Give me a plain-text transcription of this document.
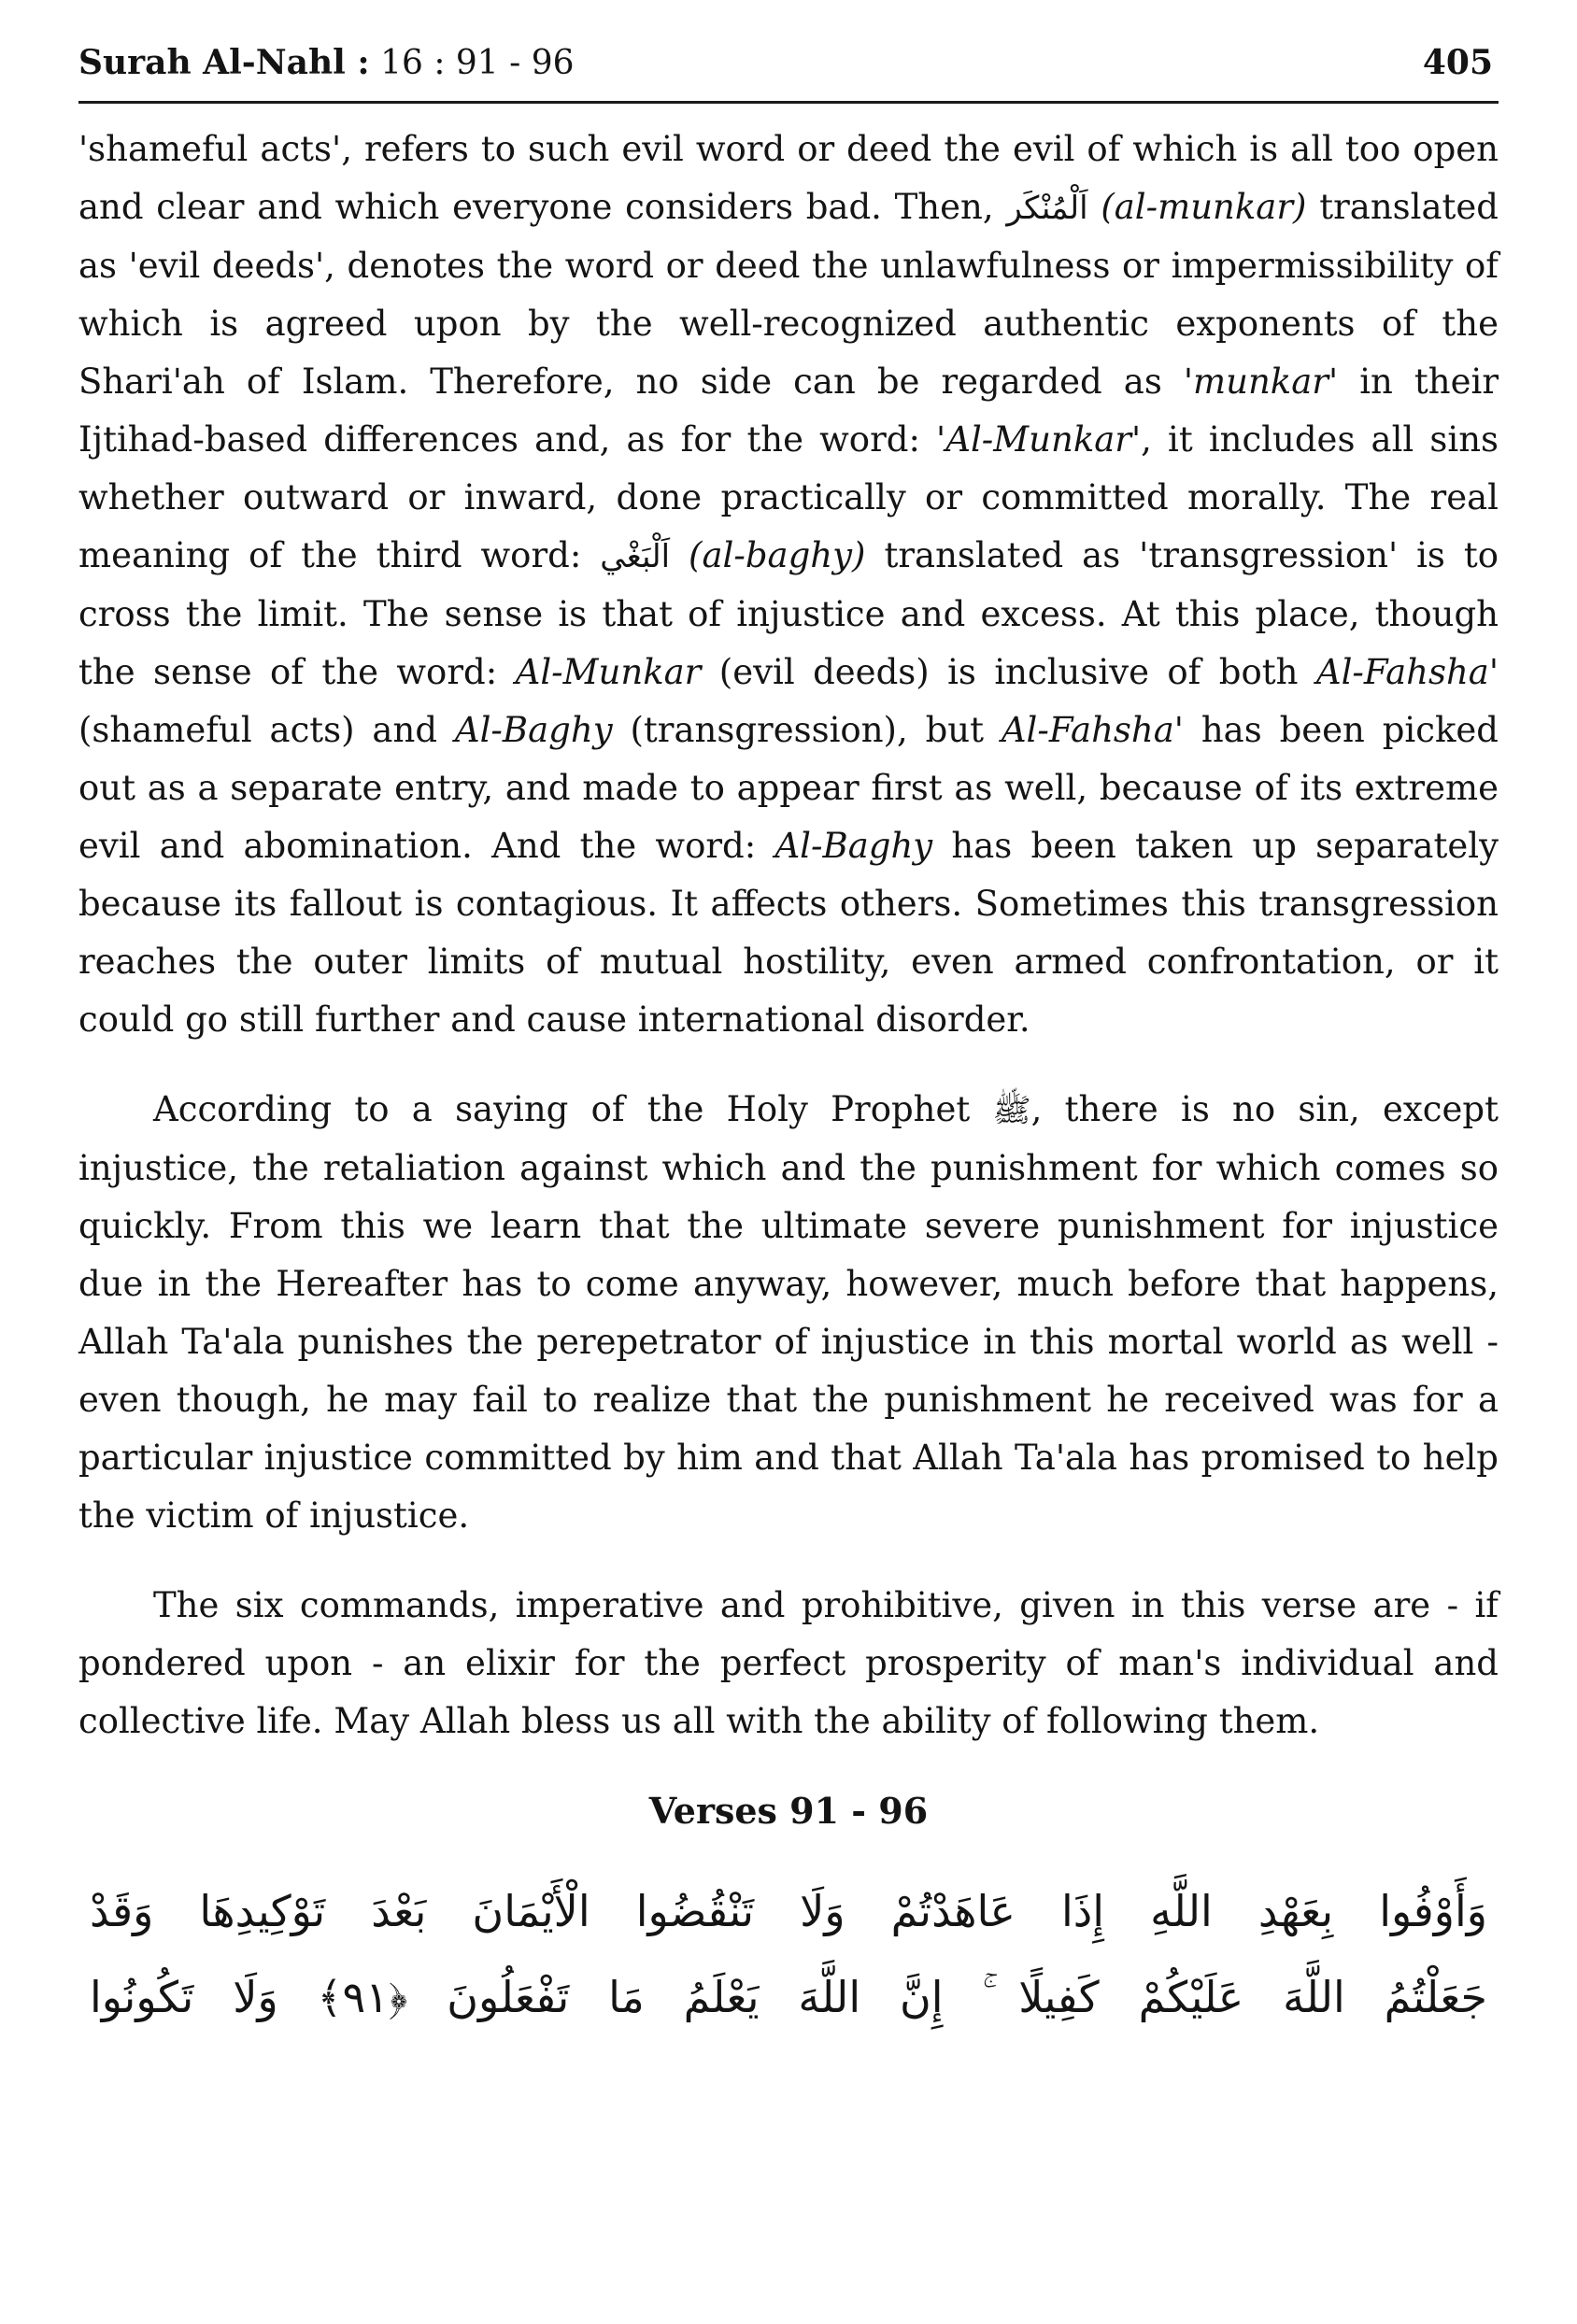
Surah Al-Nahl : 16 : 91 - 96	405

'shameful acts', refers to such evil word or deed the evil of which is all too open and clear and which everyone considers bad. Then, اَلْمُنْكَر (al-munkar) translated as 'evil deeds', denotes the word or deed the unlawfulness or impermissibility of which is agreed upon by the well-recognized authentic exponents of the Shari'ah of Islam. Therefore, no side can be regarded as 'munkar' in their Ijtihad-based differences and, as for the word: 'Al-Munkar', it includes all sins whether outward or inward, done practically or committed morally. The real meaning of the third word: اَلْبَغْي (al-baghy) translated as 'transgression' is to cross the limit. The sense is that of injustice and excess. At this place, though the sense of the word: Al-Munkar (evil deeds) is inclusive of both Al-Fahsha' (shameful acts) and Al-Baghy (transgression), but Al-Fahsha' has been picked out as a separate entry, and made to appear first as well, because of its extreme evil and abomination. And the word: Al-Baghy has been taken up separately because its fallout is contagious. It affects others. Sometimes this transgression reaches the outer limits of mutual hostility, even armed confrontation, or it could go still further and cause international disorder.

According to a saying of the Holy Prophet ﷺ, there is no sin, except injustice, the retaliation against which and the punishment for which comes so quickly. From this we learn that the ultimate severe punishment for injustice due in the Hereafter has to come anyway, however, much before that happens, Allah Ta'ala punishes the perepetrator of injustice in this mortal world as well - even though, he may fail to realize that the punishment he received was for a particular injustice committed by him and that Allah Ta'ala has promised to help the victim of injustice.

The six commands, imperative and prohibitive, given in this verse are - if pondered upon - an elixir for the perfect prosperity of man's individual and collective life. May Allah bless us all with the ability of following them.

Verses 91 - 96
وَأَوْفُوا بِعَهْدِ اللَّهِ إِذَا عَاهَدْتُمْ وَلَا تَنْقُضُوا الْأَيْمَانَ بَعْدَ تَوْكِيدِهَا وَقَدْ
جَعَلْتُمُ اللَّهَ عَلَيْكُمْ كَفِيلًا ۚ إِنَّ اللَّهَ يَعْلَمُ مَا تَفْعَلُونَ ﴿٩١﴾ وَلَا تَكُونُوا
